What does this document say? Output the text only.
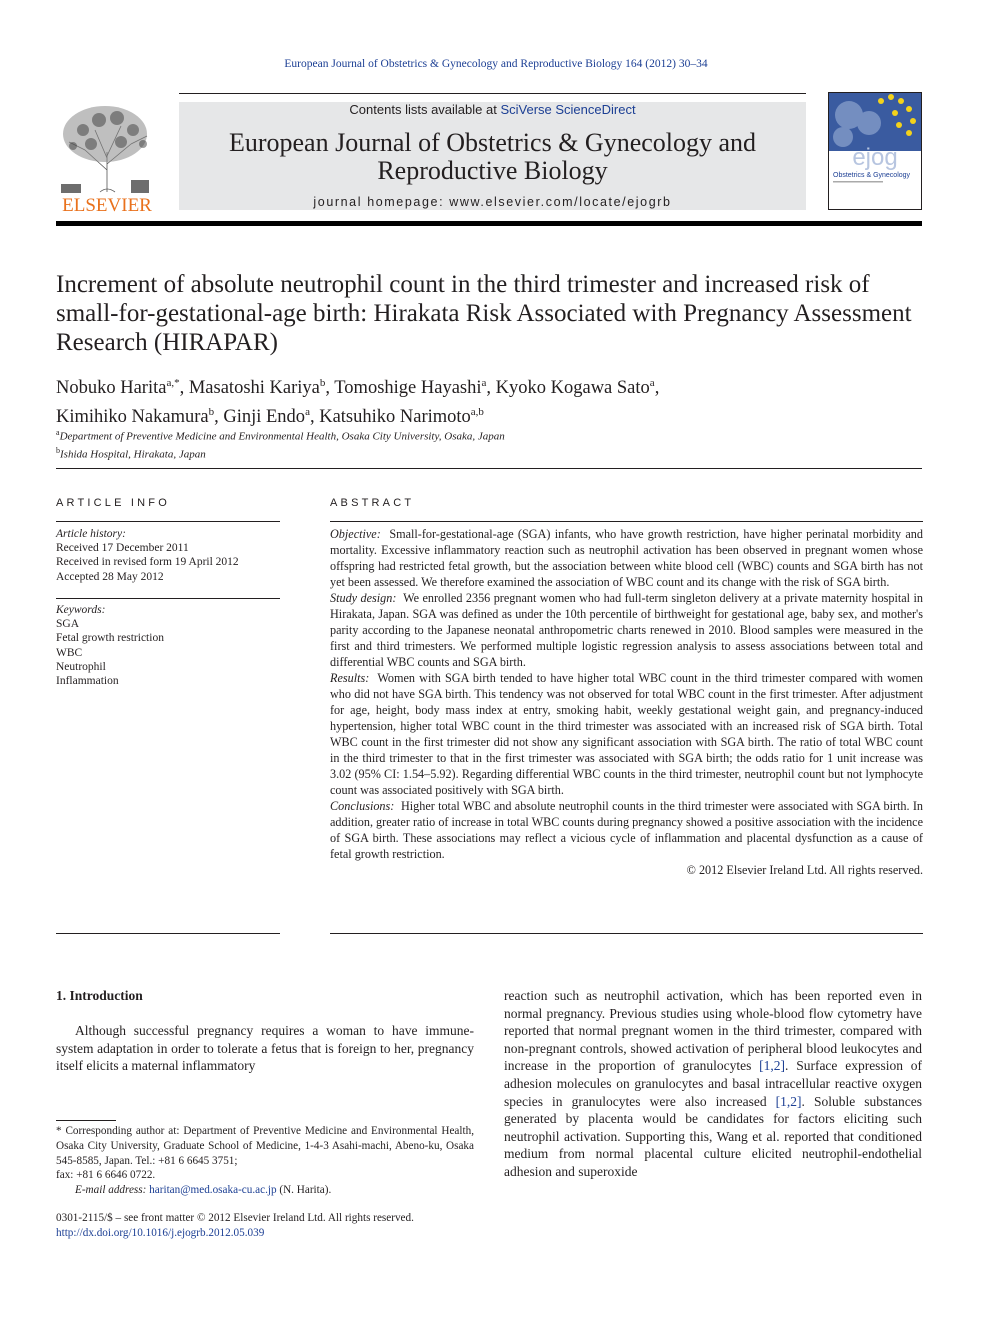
European Journal of Obstetrics & Gynecology and Reproductive Biology 164 (2012) 30–34
ELSEVIER
Contents lists available at SciVerse ScienceDirect
European Journal of Obstetrics & Gynecology and
Reproductive Biology
journal homepage: www.elsevier.com/locate/ejogrb
ejog
Obstetrics & Gynecology
Increment of absolute neutrophil count in the third trimester and increased risk of small-for-gestational-age birth: Hirakata Risk Associated with Pregnancy Assessment Research (HIRAPAR)
Nobuko Harita$^{a,*}$, Masatoshi Kariya$^b$, Tomoshige Hayashi$^a$, Kyoko Kogawa Sato$^a$,
Kimihiko Nakamura$^b$, Ginji Endo$^a$, Katsuhiko Narimoto$^{a,b}$
$^a$Department of Preventive Medicine and Environmental Health, Osaka City University, Osaka, Japan
$^b$Ishida Hospital, Hirakata, Japan
ARTICLE INFO
Article history:
Received 17 December 2011
Received in revised form 19 April 2012
Accepted 28 May 2012
Keywords:
SGA
Fetal growth restriction
WBC
Neutrophil
Inflammation
ABSTRACT

Objective: Small-for-gestational-age (SGA) infants, who have growth restriction, have higher perinatal morbidity and mortality. Excessive inflammatory reaction such as neutrophil activation has been observed in pregnant women whose offspring had restricted fetal growth, but the association between white blood cell (WBC) counts and SGA birth has not yet been assessed. We therefore examined the association of WBC count and its change with the risk of SGA birth.

Study design: We enrolled 2356 pregnant women who had full-term singleton delivery at a private maternity hospital in Hirakata, Japan. SGA was defined as under the 10th percentile of birthweight for gestational age, baby sex, and mother's parity according to the Japanese neonatal anthropometric charts renewed in 2010. Blood samples were measured in the first and third trimesters. We performed multiple logistic regression analysis to assess associations between total and differential WBC counts and SGA birth.

Results: Women with SGA birth tended to have higher total WBC count in the third trimester compared with women who did not have SGA birth. This tendency was not observed for total WBC count in the first trimester. After adjustment for age, height, body mass index at entry, smoking habit, weekly gestational weight gain, and pregnancy-induced hypertension, higher total WBC count in the third trimester was associated with an increased risk of SGA birth. Total WBC count in the first trimester did not show any significant association with SGA birth. The ratio of total WBC count in the third trimester to that in the first trimester was associated with SGA birth; the odds ratio for 1 unit increase was 3.02 (95% CI: 1.54–5.92). Regarding differential WBC counts in the third trimester, neutrophil count but not lymphocyte count was associated positively with SGA birth.

Conclusions: Higher total WBC and absolute neutrophil counts in the third trimester were associated with SGA birth. In addition, greater ratio of increase in total WBC counts during pregnancy showed a positive association with the incidence of SGA birth. These associations may reflect a vicious cycle of inflammation and placental dysfunction as a cause of fetal growth restriction.

© 2012 Elsevier Ireland Ltd. All rights reserved.

1. Introduction

Although successful pregnancy requires a woman to have immune-system adaptation in order to tolerate a fetus that is foreign to her, pregnancy itself elicits a maternal inflammatory

reaction such as neutrophil activation, which has been reported even in normal pregnancy. Previous studies using whole-blood flow cytometry have reported that normal pregnant women in the third trimester, compared with non-pregnant controls, showed activation of peripheral blood leukocytes and increase in the proportion of granulocytes [1,2]. Surface expression of adhesion molecules on granulocytes and basal intracellular reactive oxygen species in granulocytes were also increased [1,2]. Soluble substances generated by placenta would be candidates for factors eliciting such neutrophil activation. Supporting this, Wang et al. reported that conditioned medium from normal placental culture elicited neutrophil-endothelial adhesion and superoxide

* Corresponding author at: Department of Preventive Medicine and Environmental Health, Osaka City University, Graduate School of Medicine, 1-4-3 Asahi-machi, Abeno-ku, Osaka 545-8585, Japan. Tel.: +81 6 6645 3751;

fax: +81 6 6646 0722.

E-mail address: haritan@med.osaka-cu.ac.jp (N. Harita).

0301-2115/$ – see front matter © 2012 Elsevier Ireland Ltd. All rights reserved.
http://dx.doi.org/10.1016/j.ejogrb.2012.05.039
